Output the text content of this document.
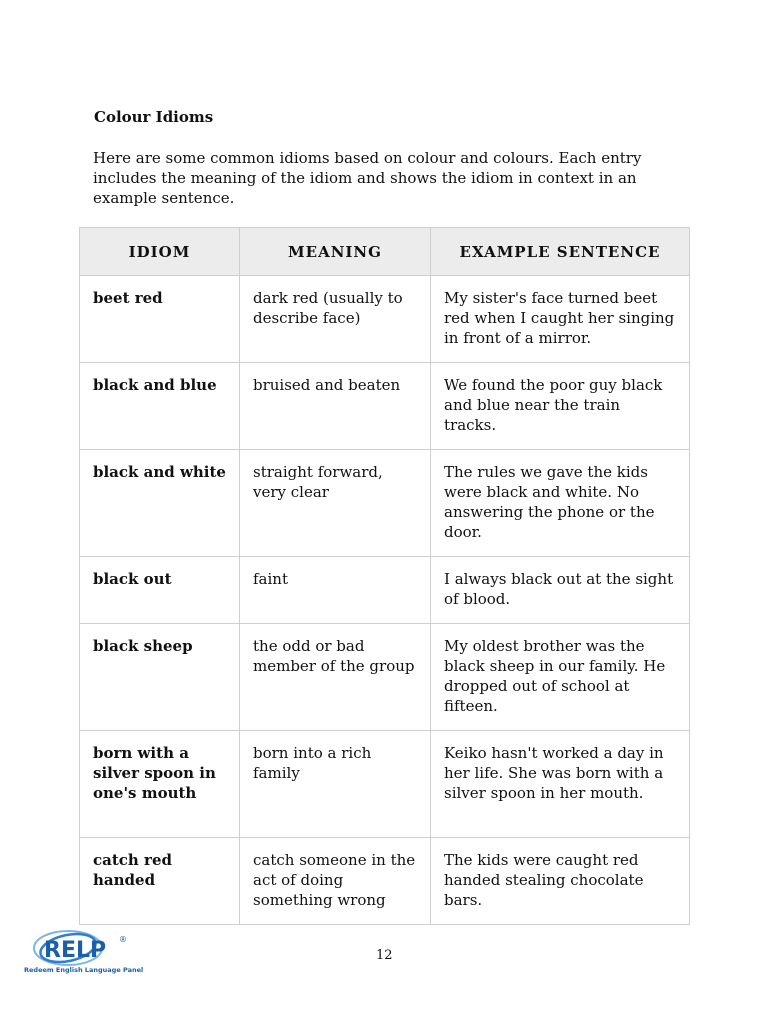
Colour Idioms
Here are some common idioms based on colour and colours. Each entry includes the meaning of the idiom and shows the idiom in context in an example sentence.
IDIOM	MEANING	EXAMPLE SENTENCE
beet red	dark red (usually to describe face)	My sister's face turned beet red when I caught her singing in front of a mirror.
black and blue	bruised and beaten	We found the poor guy black and blue near the train tracks.
black and white	straight forward, very clear	The rules we gave the kids were black and white. No answering the phone or the door.
black out	faint	I always black out at the sight of blood.
black sheep	the odd or bad member of the group	My oldest brother was the black sheep in our family. He dropped out of school at fifteen.
born with a silver spoon in one's mouth	born into a rich family	Keiko hasn't worked a day in her life. She was born with a silver spoon in her mouth.
catch red handed	catch someone in the act of doing something wrong	The kids were caught red handed stealing chocolate bars.
RELP ®
Redeem English Language Panel
12
